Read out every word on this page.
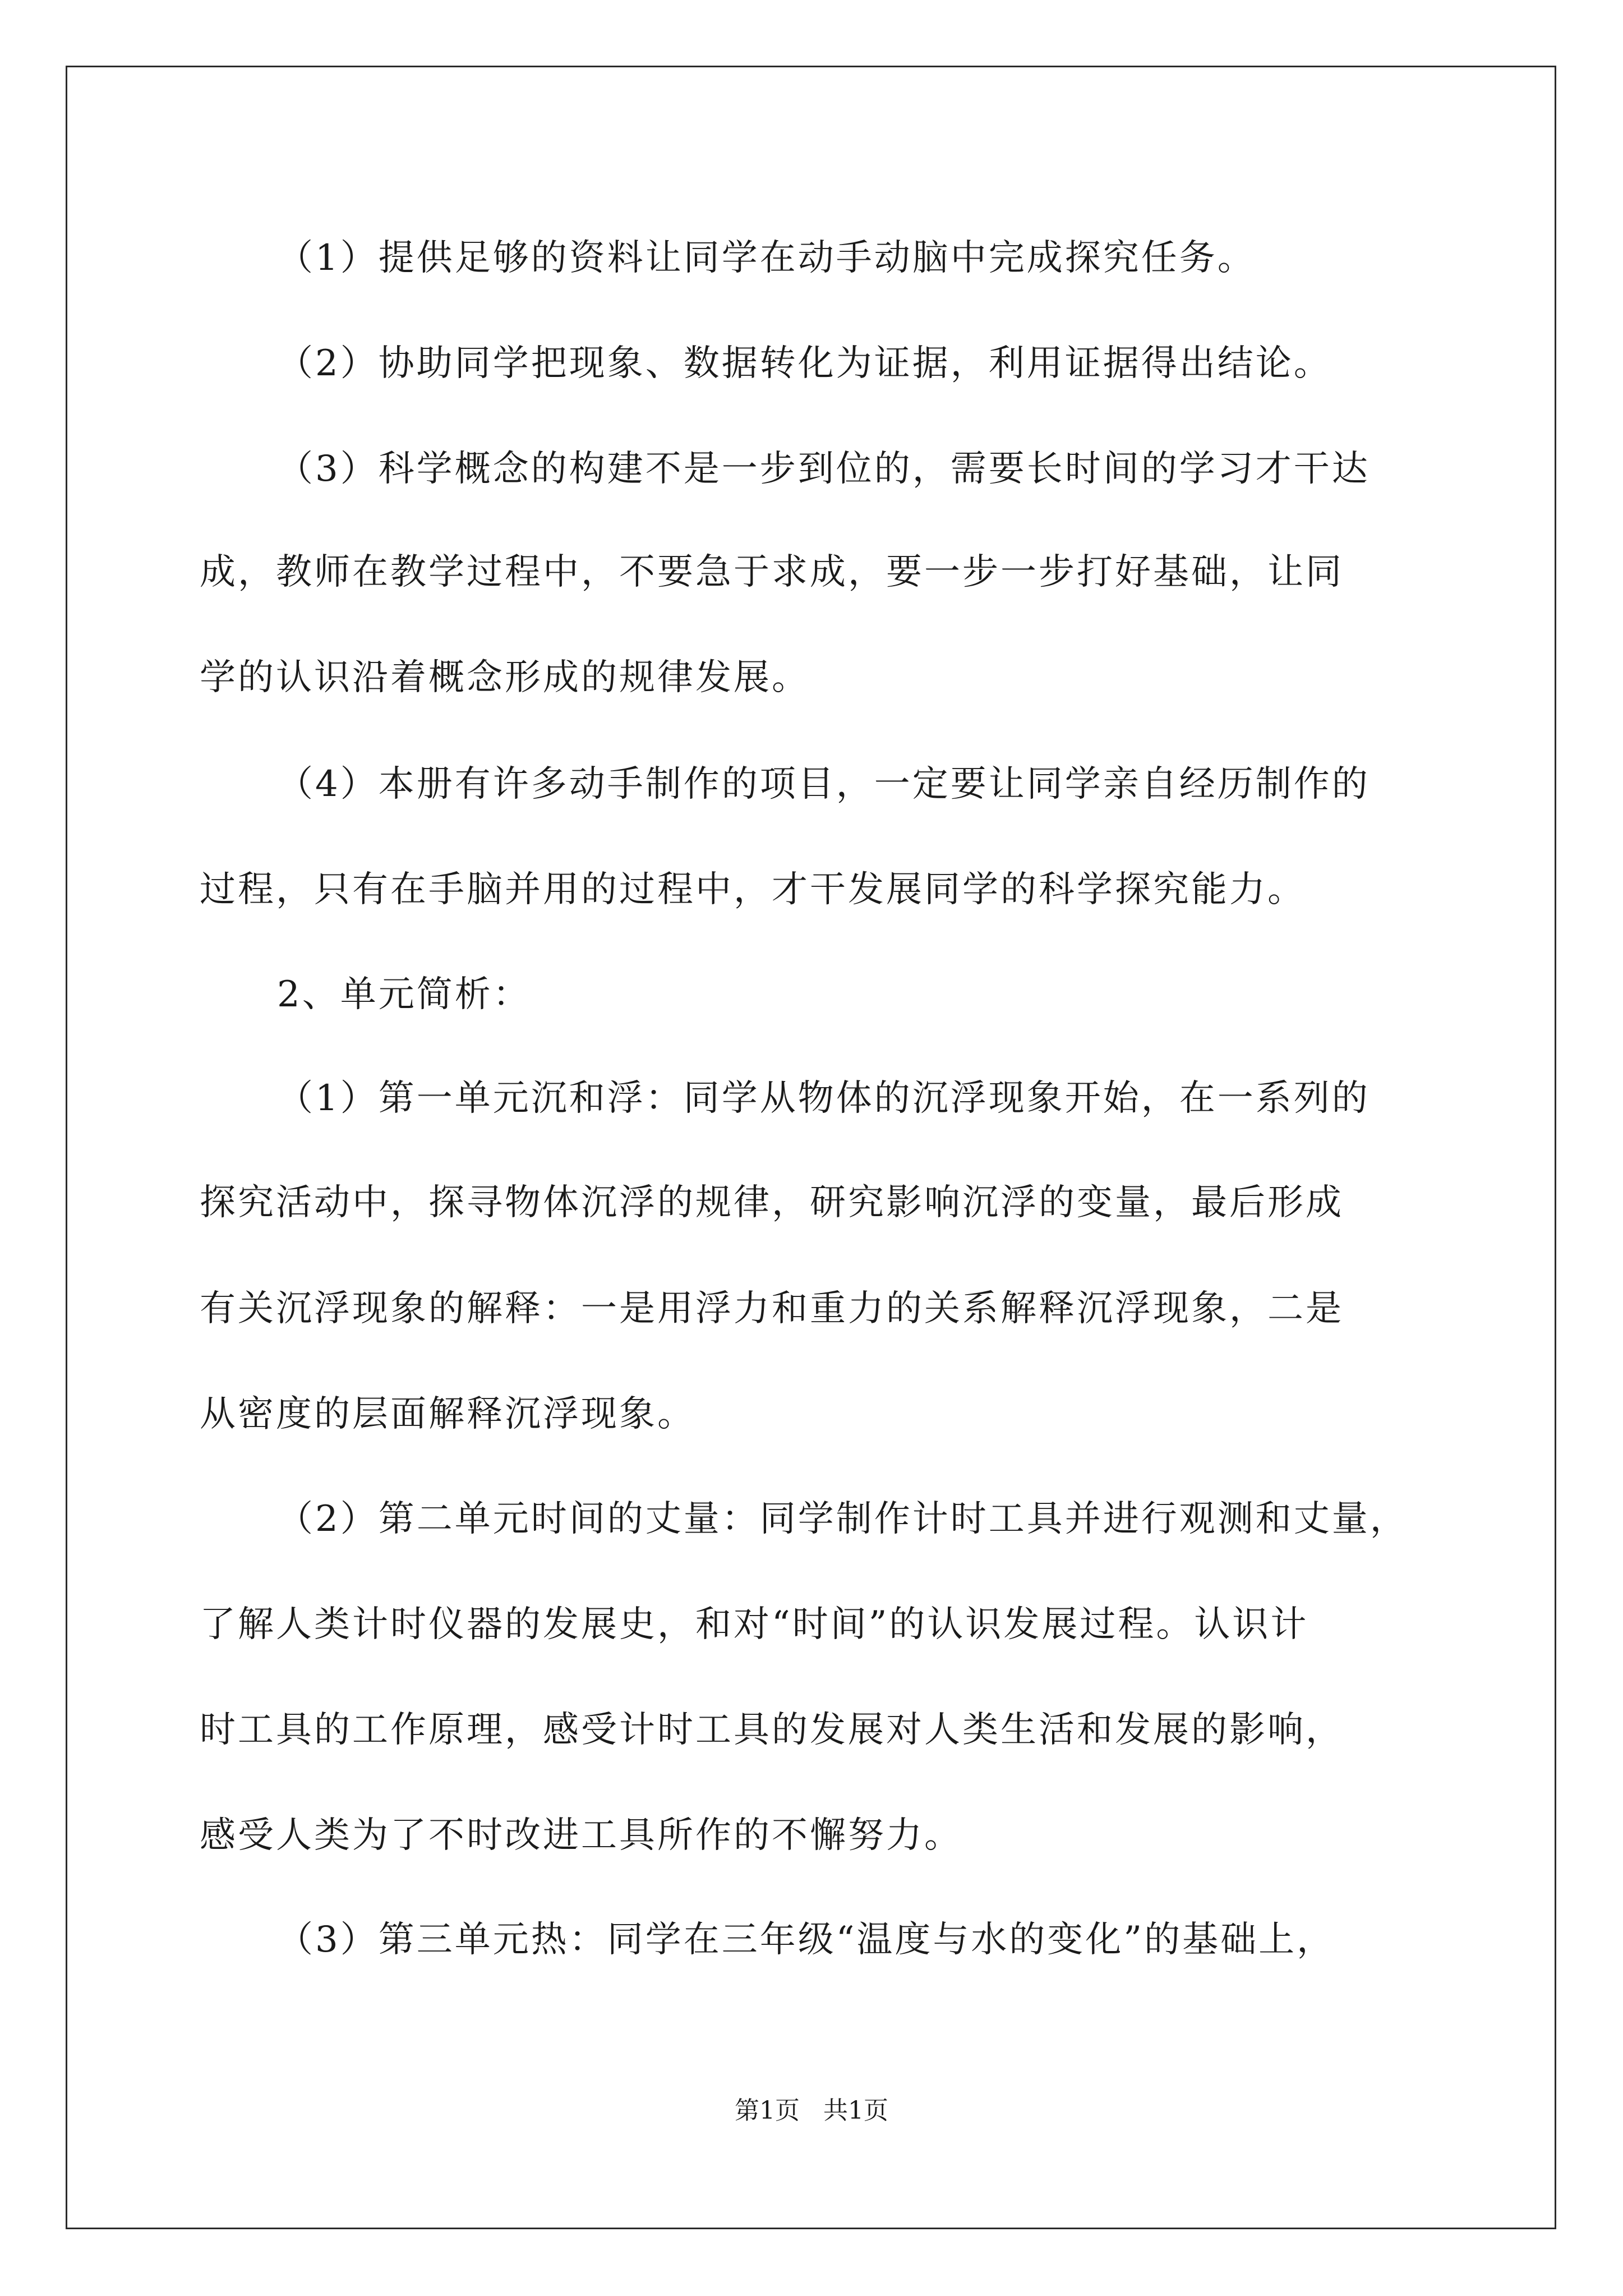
（1）提供足够的资料让同学在动手动脑中完成探究任务。
（2）协助同学把现象、数据转化为证据，利用证据得出结论。
（3）科学概念的构建不是一步到位的，需要长时间的学习才干达
成，教师在教学过程中，不要急于求成，要一步一步打好基础，让同
学的认识沿着概念形成的规律发展。
（4）本册有许多动手制作的项目，一定要让同学亲自经历制作的
过程，只有在手脑并用的过程中，才干发展同学的科学探究能力。
2、单元简析：
（1）第一单元沉和浮：同学从物体的沉浮现象开始，在一系列的
探究活动中，探寻物体沉浮的规律，研究影响沉浮的变量，最后形成
有关沉浮现象的解释：一是用浮力和重力的关系解释沉浮现象，二是
从密度的层面解释沉浮现象。
（2）第二单元时间的丈量：同学制作计时工具并进行观测和丈量，
了解人类计时仪器的发展史，和对“时间”的认识发展过程。认识计
时工具的工作原理，感受计时工具的发展对人类生活和发展的影响，
感受人类为了不时改进工具所作的不懈努力。
（3）第三单元热：同学在三年级“温度与水的变化”的基础上，
第1页   共1页
